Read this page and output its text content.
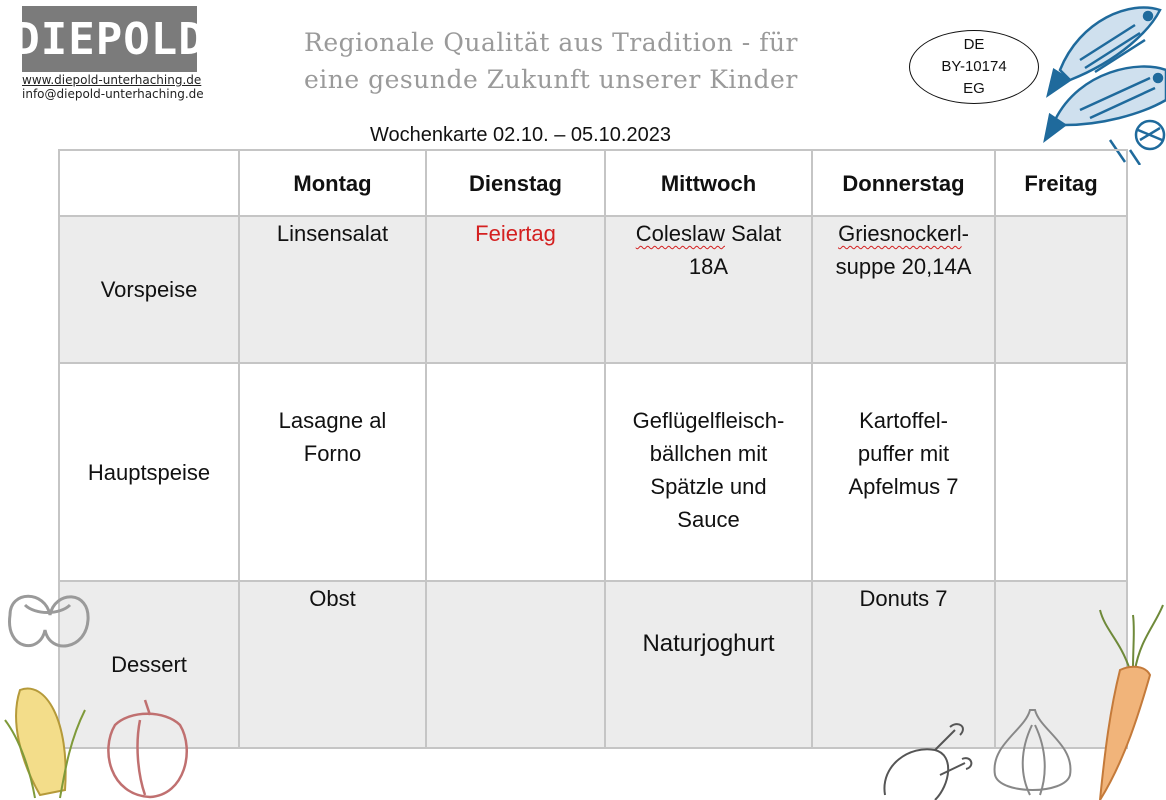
DIEPOLD
www.diepold-unterhaching.de
info@diepold-unterhaching.de
Regionale Qualität aus Tradition - für
eine gesunde Zukunft unserer Kinder
DE
BY-10174
EG
Wochenkarte 02.10. – 05.10.2023
	Montag	Dienstag	Mittwoch	Donnerstag	Freitag
Vorspeise	Linsensalat	Feiertag	Coleslaw Salat
18A	Griesnockerl-
suppe 20,14A	
Hauptspeise	Lasagne al
Forno		Geflügelfleisch-
bällchen mit
Spätzle und
Sauce	Kartoffel-
puffer mit
Apfelmus 7	
Dessert	Obst		Naturjoghurt	Donuts 7	
